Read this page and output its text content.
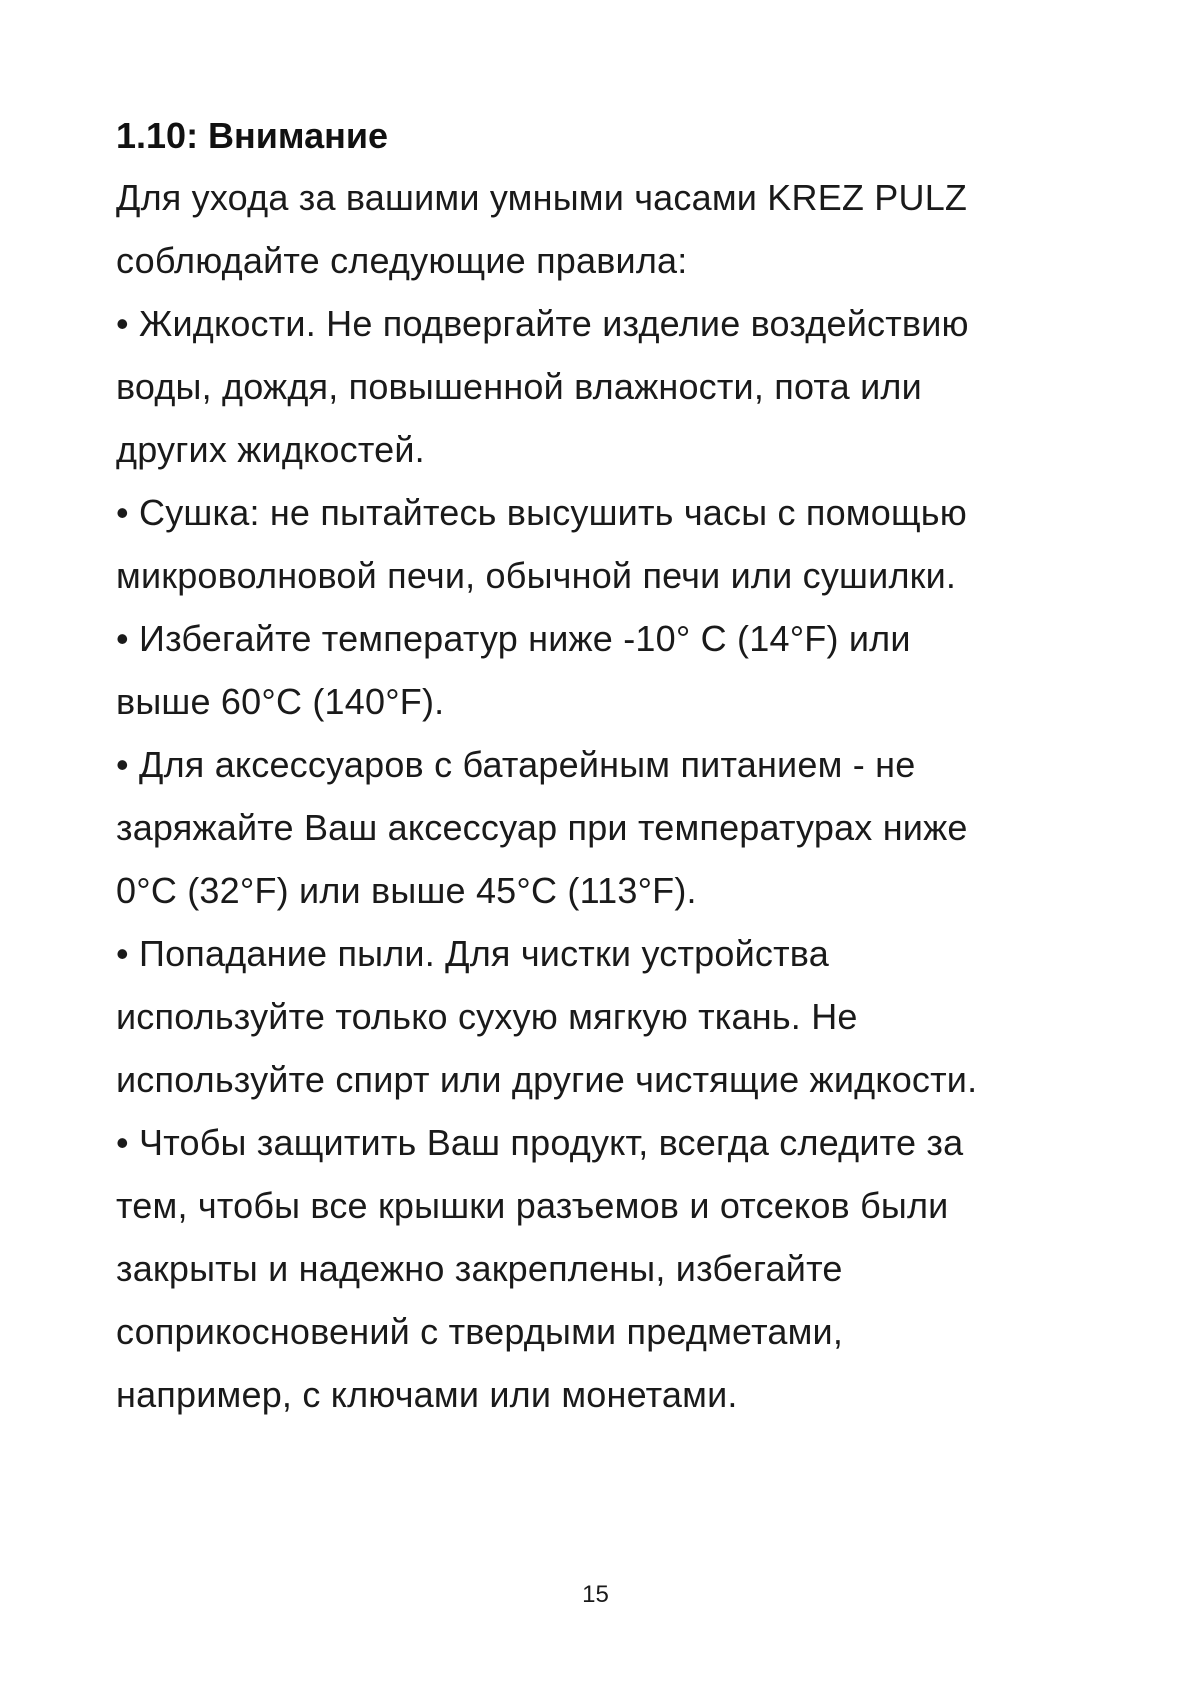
1.10: Внимание

Для ухода за вашими умными часами KREZ PULZ

соблюдайте следующие правила:

• Жидкости. Не подвергайте изделие воздействию

воды, дождя, повышенной влажности, пота или

других жидкостей.

• Сушка: не пытайтесь высушить часы с помощью

микроволновой печи, обычной печи или сушилки.

• Избегайте температур ниже -10° С (14°F) или

выше 60°С (140°F).

• Для аксессуаров с батарейным питанием - не

заряжайте Ваш аксессуар при температурах ниже

0°С (32°F) или выше 45°С (113°F).

• Попадание пыли. Для чистки устройства

используйте только сухую мягкую ткань. Не

используйте спирт или другие чистящие жидкости.

• Чтобы защитить Ваш продукт, всегда следите за

тем, чтобы все крышки разъемов и отсеков были

закрыты и надежно закреплены, избегайте

соприкосновений с твердыми предметами,

например, с ключами или монетами.

15
